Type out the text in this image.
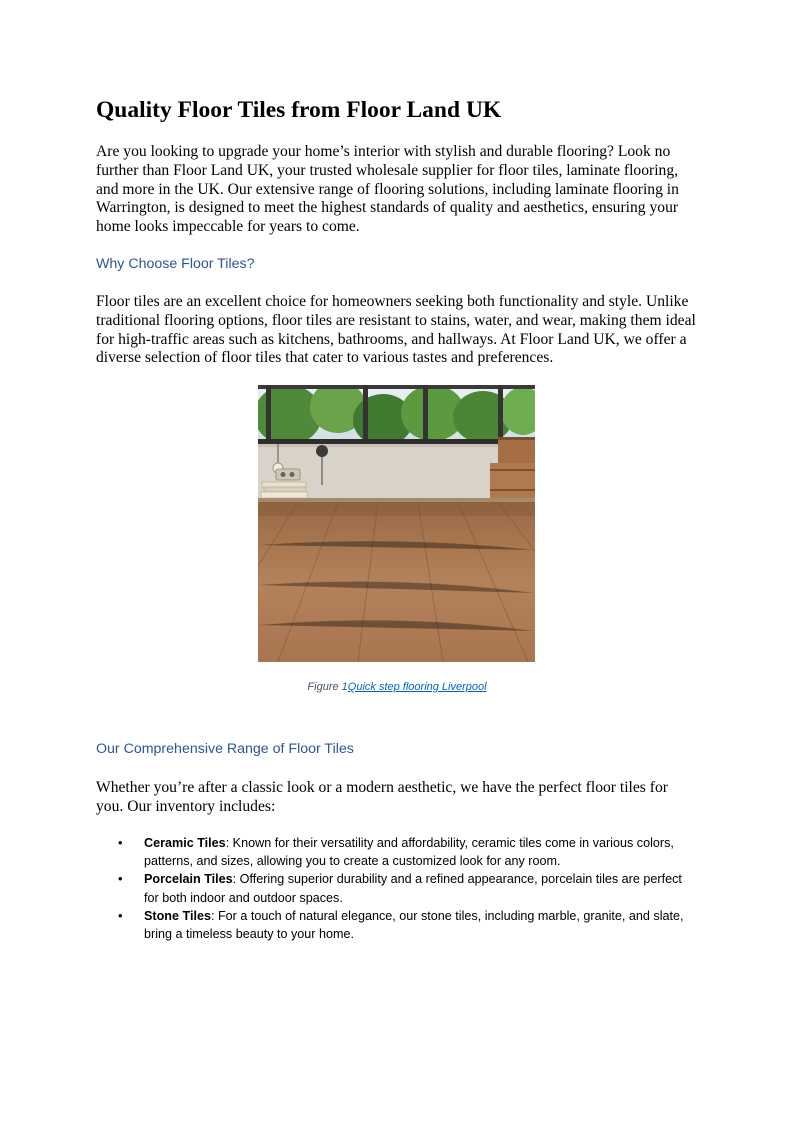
Quality Floor Tiles from Floor Land UK

Are you looking to upgrade your home’s interior with stylish and durable flooring? Look no further than Floor Land UK, your trusted wholesale supplier for floor tiles, laminate flooring, and more in the UK. Our extensive range of flooring solutions, including laminate flooring in Warrington, is designed to meet the highest standards of quality and aesthetics, ensuring your home looks impeccable for years to come.

Why Choose Floor Tiles?

Floor tiles are an excellent choice for homeowners seeking both functionality and style. Unlike traditional flooring options, floor tiles are resistant to stains, water, and wear, making them ideal for high-traffic areas such as kitchens, bathrooms, and hallways. At Floor Land UK, we offer a diverse selection of floor tiles that cater to various tastes and preferences.

Figure 1Quick step flooring Liverpool
Our Comprehensive Range of Floor Tiles

Whether you’re after a classic look or a modern aesthetic, we have the perfect floor tiles for you. Our inventory includes:

• Ceramic Tiles: Known for their versatility and affordability, ceramic tiles come in various colors, patterns, and sizes, allowing you to create a customized look for any room.
• Porcelain Tiles: Offering superior durability and a refined appearance, porcelain tiles are perfect for both indoor and outdoor spaces.
• Stone Tiles: For a touch of natural elegance, our stone tiles, including marble, granite, and slate, bring a timeless beauty to your home.
